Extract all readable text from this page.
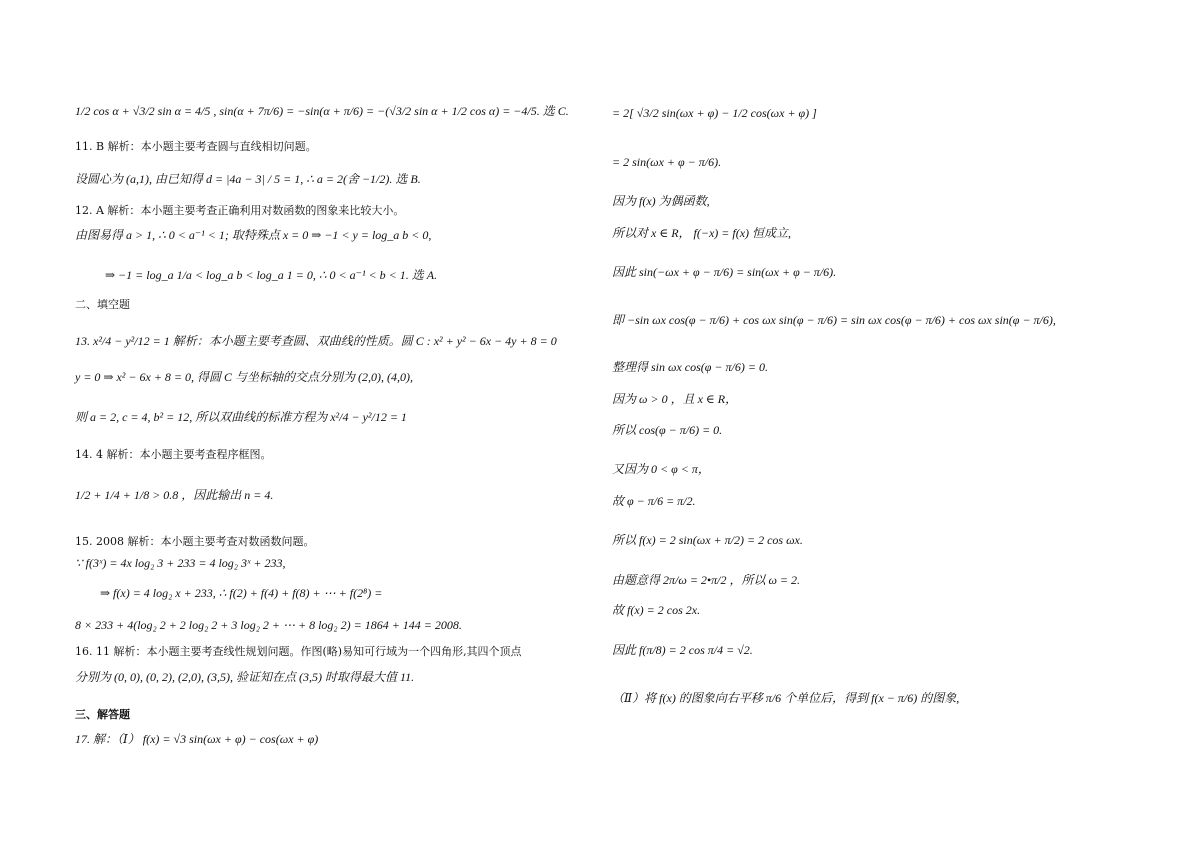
1/2 cos α + √3/2 sin α = 4/5 , sin(α + 7π/6) = −sin(α + π/6) = −(√3/2 sin α + 1/2 cos α) = −4/5. 选 C.
11. B 解析：本小题主要考查圆与直线相切问题。
设圆心为 (a,1), 由已知得 d = |4a − 3| / 5 = 1, ∴ a = 2(舍 −1/2). 选 B.
12. A 解析：本小题主要考查正确利用对数函数的图象来比较大小。
由图易得 a > 1, ∴ 0 < a⁻¹ < 1; 取特殊点 x = 0 ⇒ −1 < y = log_a b < 0,
⇒ −1 = log_a 1/a < log_a b < log_a 1 = 0, ∴ 0 < a⁻¹ < b < 1. 选 A.
二、填空题
13. x²/4 − y²/12 = 1 解析：本小题主要考查圆、双曲线的性质。圆 C : x² + y² − 6x − 4y + 8 = 0
y = 0 ⇒ x² − 6x + 8 = 0, 得圆 C 与坐标轴的交点分别为 (2,0), (4,0),
则 a = 2, c = 4, b² = 12, 所以双曲线的标准方程为 x²/4 − y²/12 = 1
14. 4 解析：本小题主要考查程序框图。
1/2 + 1/4 + 1/8 > 0.8 ，因此输出 n = 4.
15. 2008 解析：本小题主要考查对数函数问题。
∵ f(3ˣ) = 4x log₂ 3 + 233 = 4 log₂ 3ˣ + 233,
⇒ f(x) = 4 log₂ x + 233, ∴ f(2) + f(4) + f(8) + ⋯ + f(2⁸) =
8 × 233 + 4(log₂ 2 + 2 log₂ 2 + 3 log₂ 2 + ⋯ + 8 log₂ 2) = 1864 + 144 = 2008.
16. 11 解析：本小题主要考查线性规划问题。作图(略)易知可行域为一个四角形,其四个顶点
分别为 (0, 0), (0, 2), (2,0), (3,5), 验证知在点 (3,5) 时取得最大值 11.
三、解答题
17. 解：（Ⅰ） f(x) = √3 sin(ωx + φ) − cos(ωx + φ)
= 2[ √3/2 sin(ωx + φ) − 1/2 cos(ωx + φ) ]
= 2 sin(ωx + φ − π/6).
因为 f(x) 为偶函数,
所以对 x ∈ R， f(−x) = f(x) 恒成立,
因此 sin(−ωx + φ − π/6) = sin(ωx + φ − π/6).
即 −sin ωx cos(φ − π/6) + cos ωx sin(φ − π/6) = sin ωx cos(φ − π/6) + cos ωx sin(φ − π/6),
整理得 sin ωx cos(φ − π/6) = 0.
因为 ω > 0 ，且 x ∈ R，
所以 cos(φ − π/6) = 0.
又因为 0 < φ < π，
故 φ − π/6 = π/2.
所以 f(x) = 2 sin(ωx + π/2) = 2 cos ωx.
由题意得 2π/ω = 2•π/2 ，所以 ω = 2.
故 f(x) = 2 cos 2x.
因此 f(π/8) = 2 cos π/4 = √2.
（Ⅱ）将 f(x) 的图象向右平移 π/6 个单位后，得到 f(x − π/6) 的图象,
